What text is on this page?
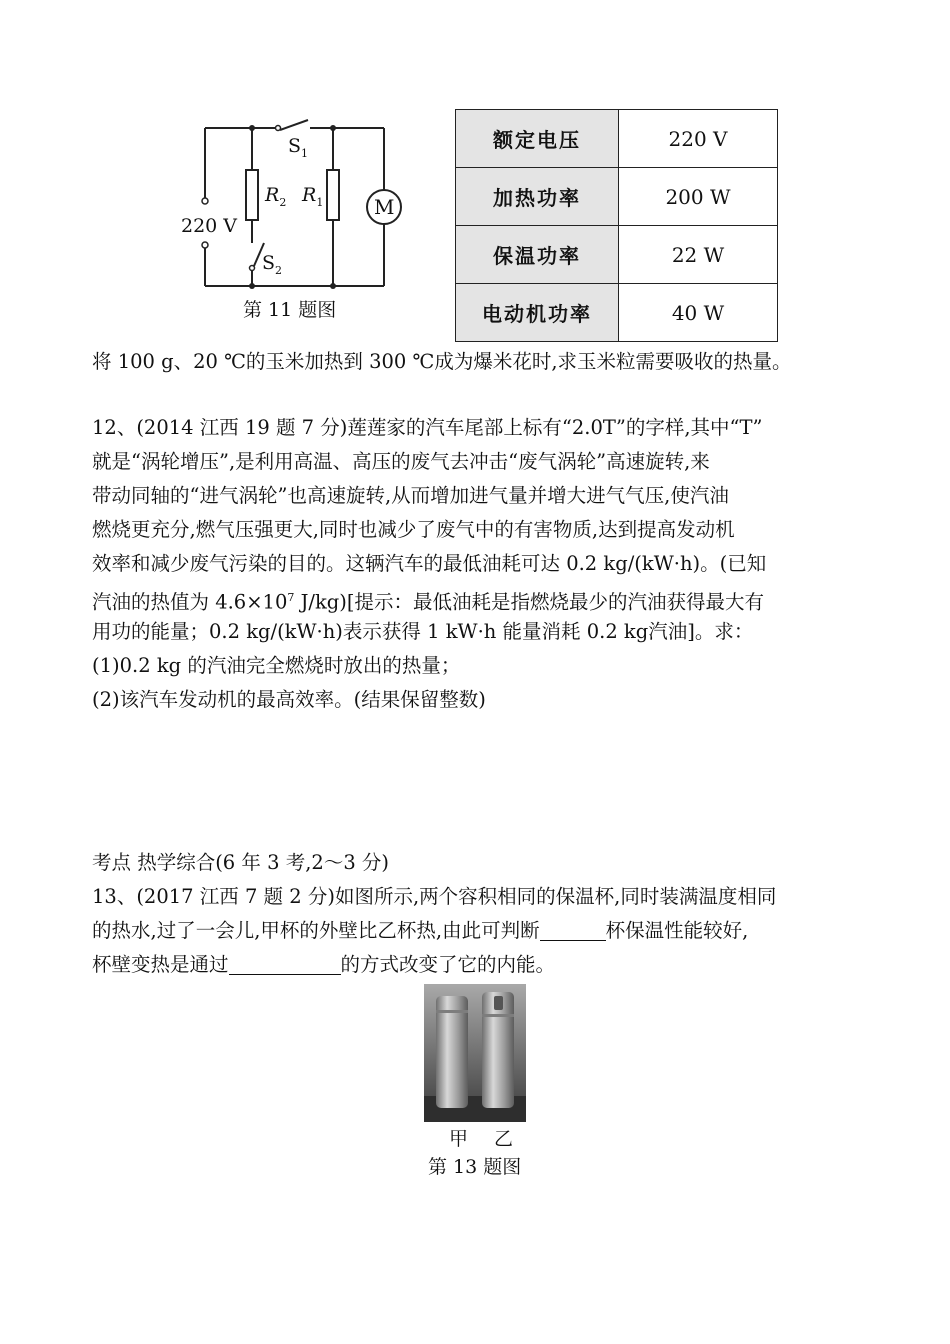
$S_1$
$R_2$ $R_1$	M
220 V
$S_2$
第 11 题图
额定电压	220 V
加热功率	200 W
保温功率	22 W
电动机功率	40 W
将 100 g、20 ℃的玉米加热到 300 ℃成为爆米花时,求玉米粒需要吸收的热量。
12、(2014 江西 19 题 7 分)莲莲家的汽车尾部上标有“2.0T”的字样,其中“T”
就是“涡轮增压”,是利用高温、高压的废气去冲击“废气涡轮”高速旋转,来
带动同轴的“进气涡轮”也高速旋转,从而增加进气量并增大进气气压,使汽油
燃烧更充分,燃气压强更大,同时也减少了废气中的有害物质,达到提高发动机
效率和减少废气污染的目的。这辆汽车的最低油耗可达 0.2 kg/(kW·h)。(已知
汽油的热值为 $4.6\times 10^7$ J/kg)[提示：最低油耗是指燃烧最少的汽油获得最大有
用功的能量；0.2 kg/(kW·h)表示获得 1 kW·h 能量消耗 0.2 kg汽油]。求：
(1)0.2 kg 的汽油完全燃烧时放出的热量；
(2)该汽车发动机的最高效率。(结果保留整数)
考点 热学综合(6 年 3 考,2～3 分)
13、(2017 江西 7 题 2 分)如图所示,两个容积相同的保温杯,同时装满温度相同
的热水,过了一会儿,甲杯的外壁比乙杯热,由此可判断	杯保温性能较好,
杯壁变热是通过	的方式改变了它的内能。
甲 乙
第 13 题图
